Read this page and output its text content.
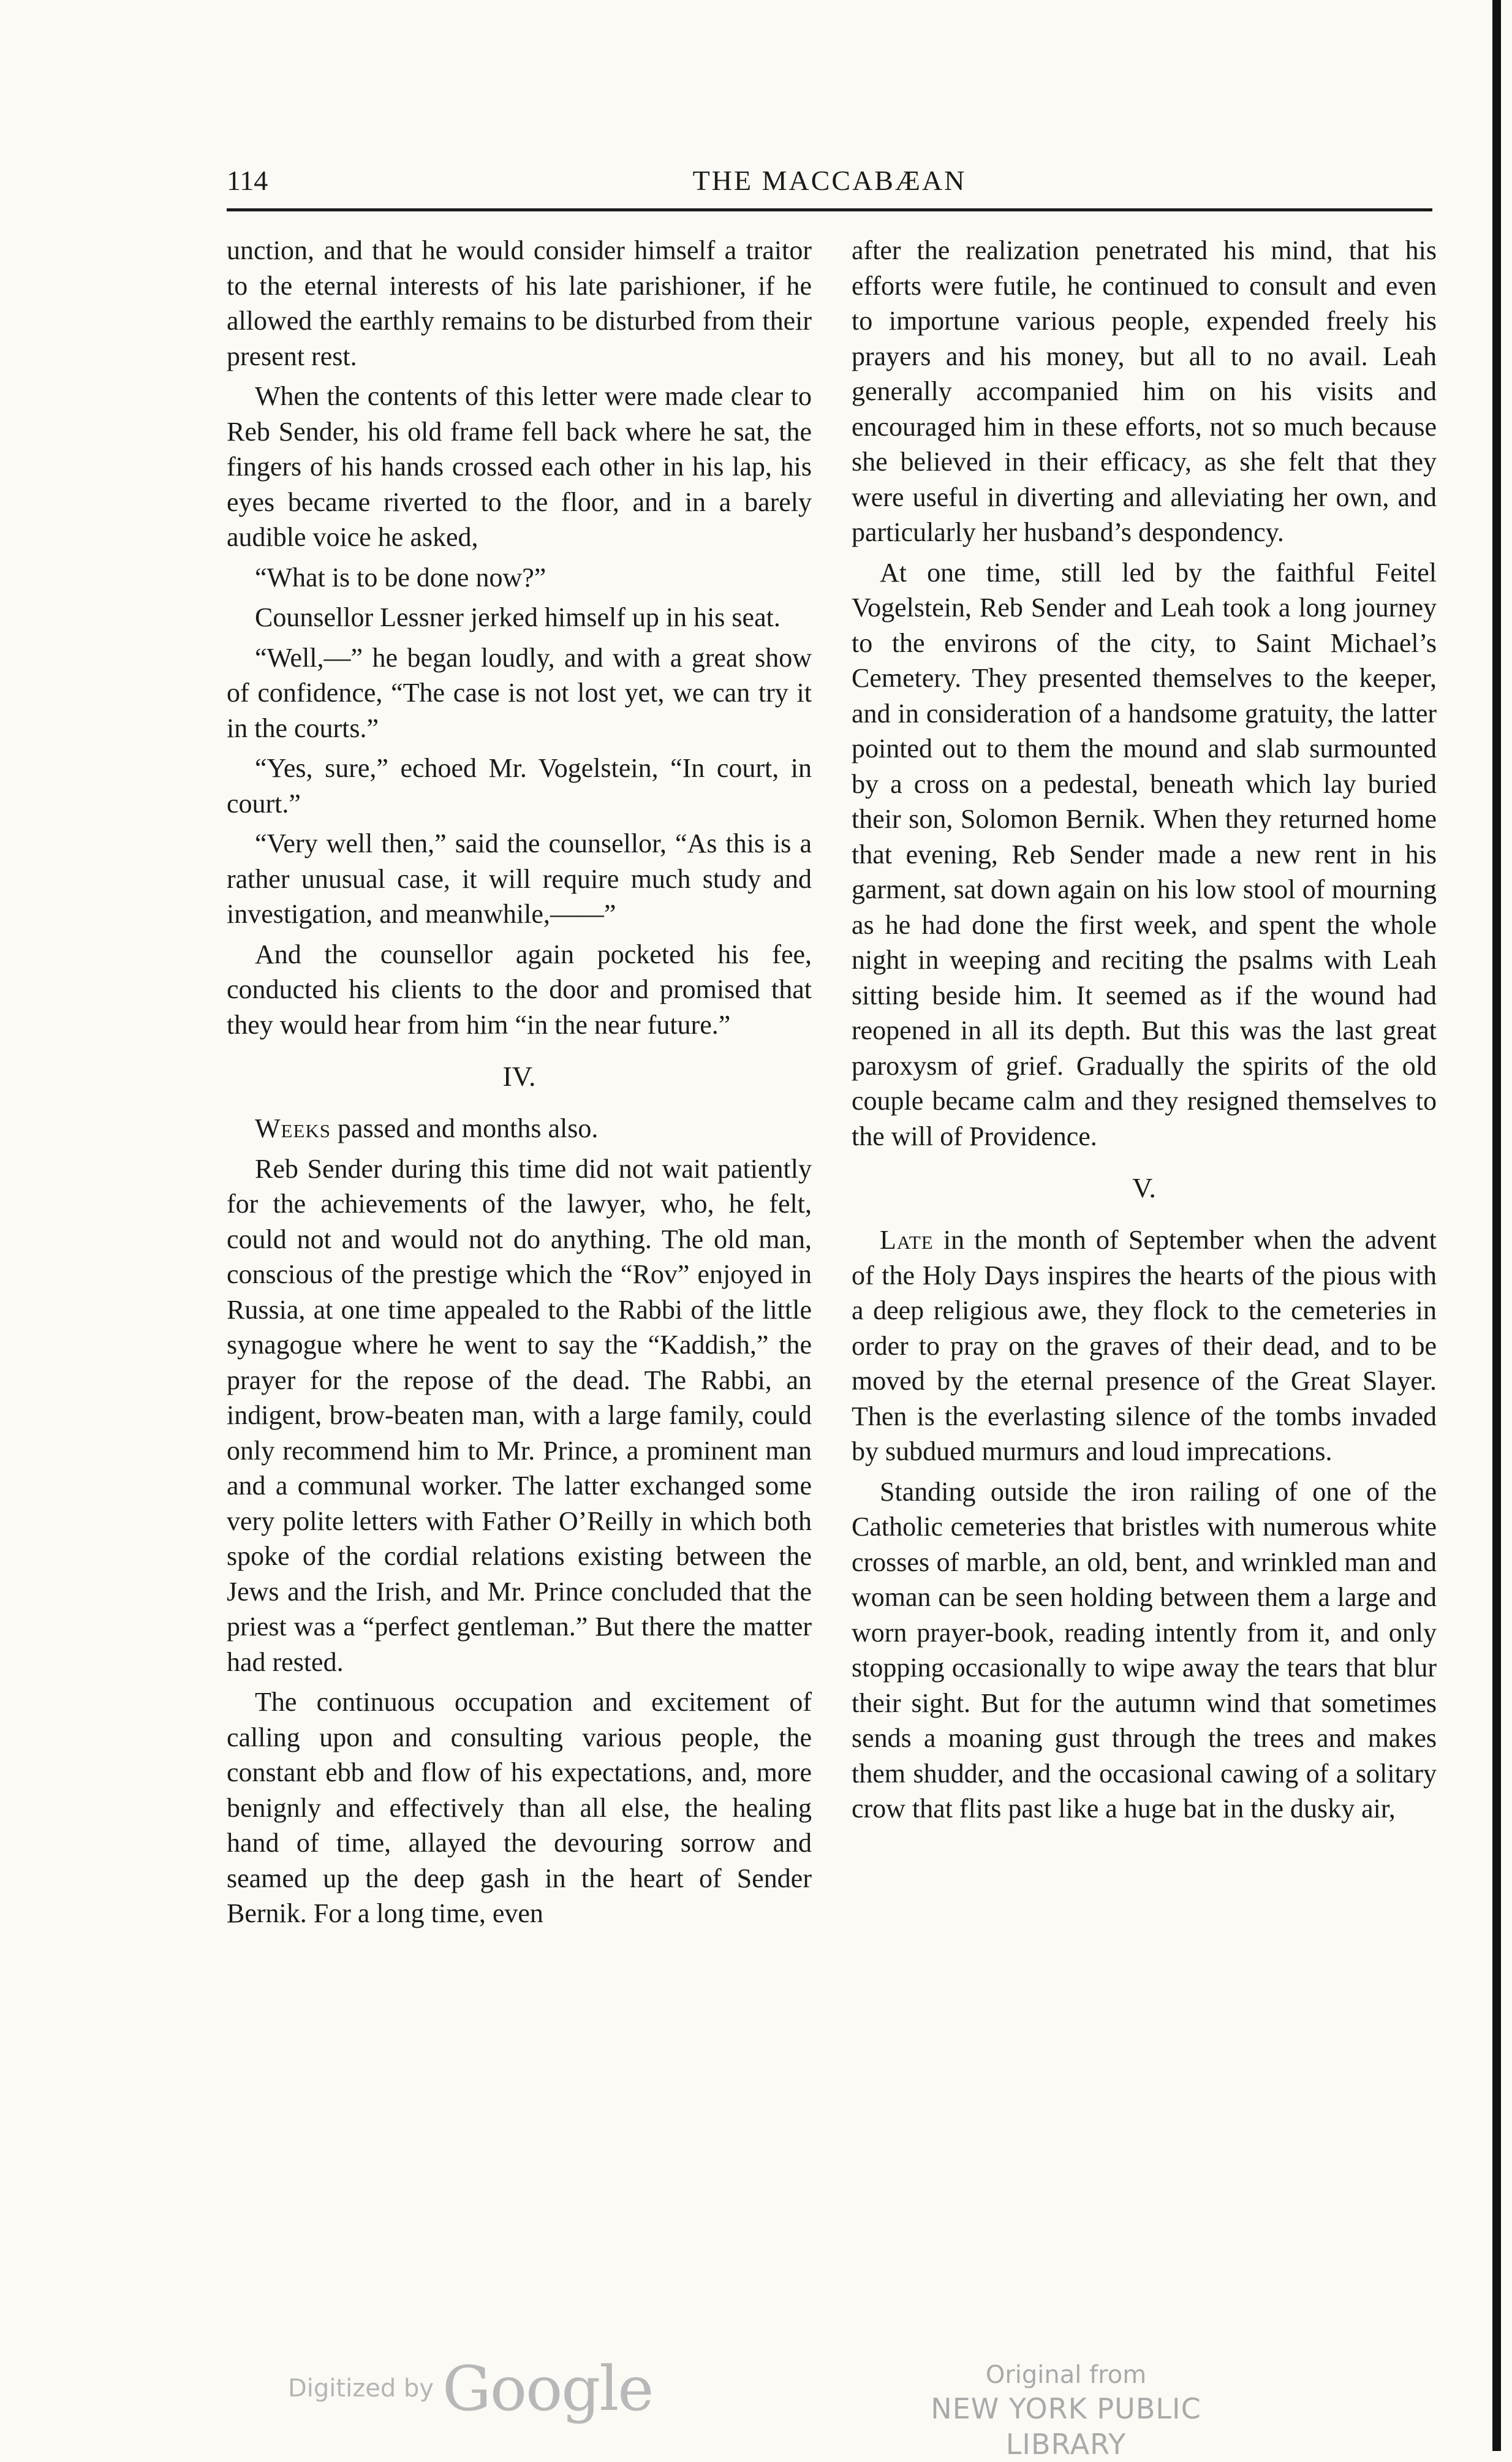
114	THE MACCABÆAN

unction, and that he would consider himself a traitor to the eternal interests of his late parishioner, if he allowed the earthly remains to be disturbed from their present rest.

When the contents of this letter were made clear to Reb Sender, his old frame fell back where he sat, the fingers of his hands crossed each other in his lap, his eyes became riverted to the floor, and in a barely audible voice he asked,

“What is to be done now?”

Counsellor Lessner jerked himself up in his seat.

“Well,—” he began loudly, and with a great show of confidence, “The case is not lost yet, we can try it in the courts.”

“Yes, sure,” echoed Mr. Vogelstein, “In court, in court.”

“Very well then,” said the counsellor, “As this is a rather unusual case, it will require much study and investigation, and meanwhile,——”

And the counsellor again pocketed his fee, conducted his clients to the door and promised that they would hear from him “in the near future.”

IV.

Weeks passed and months also.

Reb Sender during this time did not wait patiently for the achievements of the lawyer, who, he felt, could not and would not do anything. The old man, conscious of the prestige which the “Rov” enjoyed in Russia, at one time appealed to the Rabbi of the little synagogue where he went to say the “Kaddish,” the prayer for the repose of the dead. The Rabbi, an indigent, brow-beaten man, with a large family, could only recommend him to Mr. Prince, a prominent man and a communal worker. The latter exchanged some very polite letters with Father O’Reilly in which both spoke of the cordial relations existing between the Jews and the Irish, and Mr. Prince concluded that the priest was a “perfect gentleman.” But there the matter had rested.

The continuous occupation and excitement of calling upon and consulting various people, the constant ebb and flow of his expectations, and, more benignly and effectively than all else, the healing hand of time, allayed the devouring sorrow and seamed up the deep gash in the heart of Sender Bernik. For a long time, even

after the realization penetrated his mind, that his efforts were futile, he continued to consult and even to importune various people, expended freely his prayers and his money, but all to no avail. Leah generally accompanied him on his visits and encouraged him in these efforts, not so much because she believed in their efficacy, as she felt that they were useful in diverting and alleviating her own, and particularly her husband’s despondency.

At one time, still led by the faithful Feitel Vogelstein, Reb Sender and Leah took a long journey to the environs of the city, to Saint Michael’s Cemetery. They presented themselves to the keeper, and in consideration of a handsome gratuity, the latter pointed out to them the mound and slab surmounted by a cross on a pedestal, beneath which lay buried their son, Solomon Bernik. When they returned home that evening, Reb Sender made a new rent in his garment, sat down again on his low stool of mourning as he had done the first week, and spent the whole night in weeping and reciting the psalms with Leah sitting beside him. It seemed as if the wound had reopened in all its depth. But this was the last great paroxysm of grief. Gradually the spirits of the old couple became calm and they resigned themselves to the will of Providence.

V.

Late in the month of September when the advent of the Holy Days inspires the hearts of the pious with a deep religious awe, they flock to the cemeteries in order to pray on the graves of their dead, and to be moved by the eternal presence of the Great Slayer. Then is the everlasting silence of the tombs invaded by subdued murmurs and loud imprecations.

Standing outside the iron railing of one of the Catholic cemeteries that bristles with numerous white crosses of marble, an old, bent, and wrinkled man and woman can be seen holding between them a large and worn prayer-book, reading intently from it, and only stopping occasionally to wipe away the tears that blur their sight. But for the autumn wind that sometimes sends a moaning gust through the trees and makes them shudder, and the occasional cawing of a solitary crow that flits past like a huge bat in the dusky air,

Digitized by Google	Original from
NEW YORK PUBLIC LIBRARY
